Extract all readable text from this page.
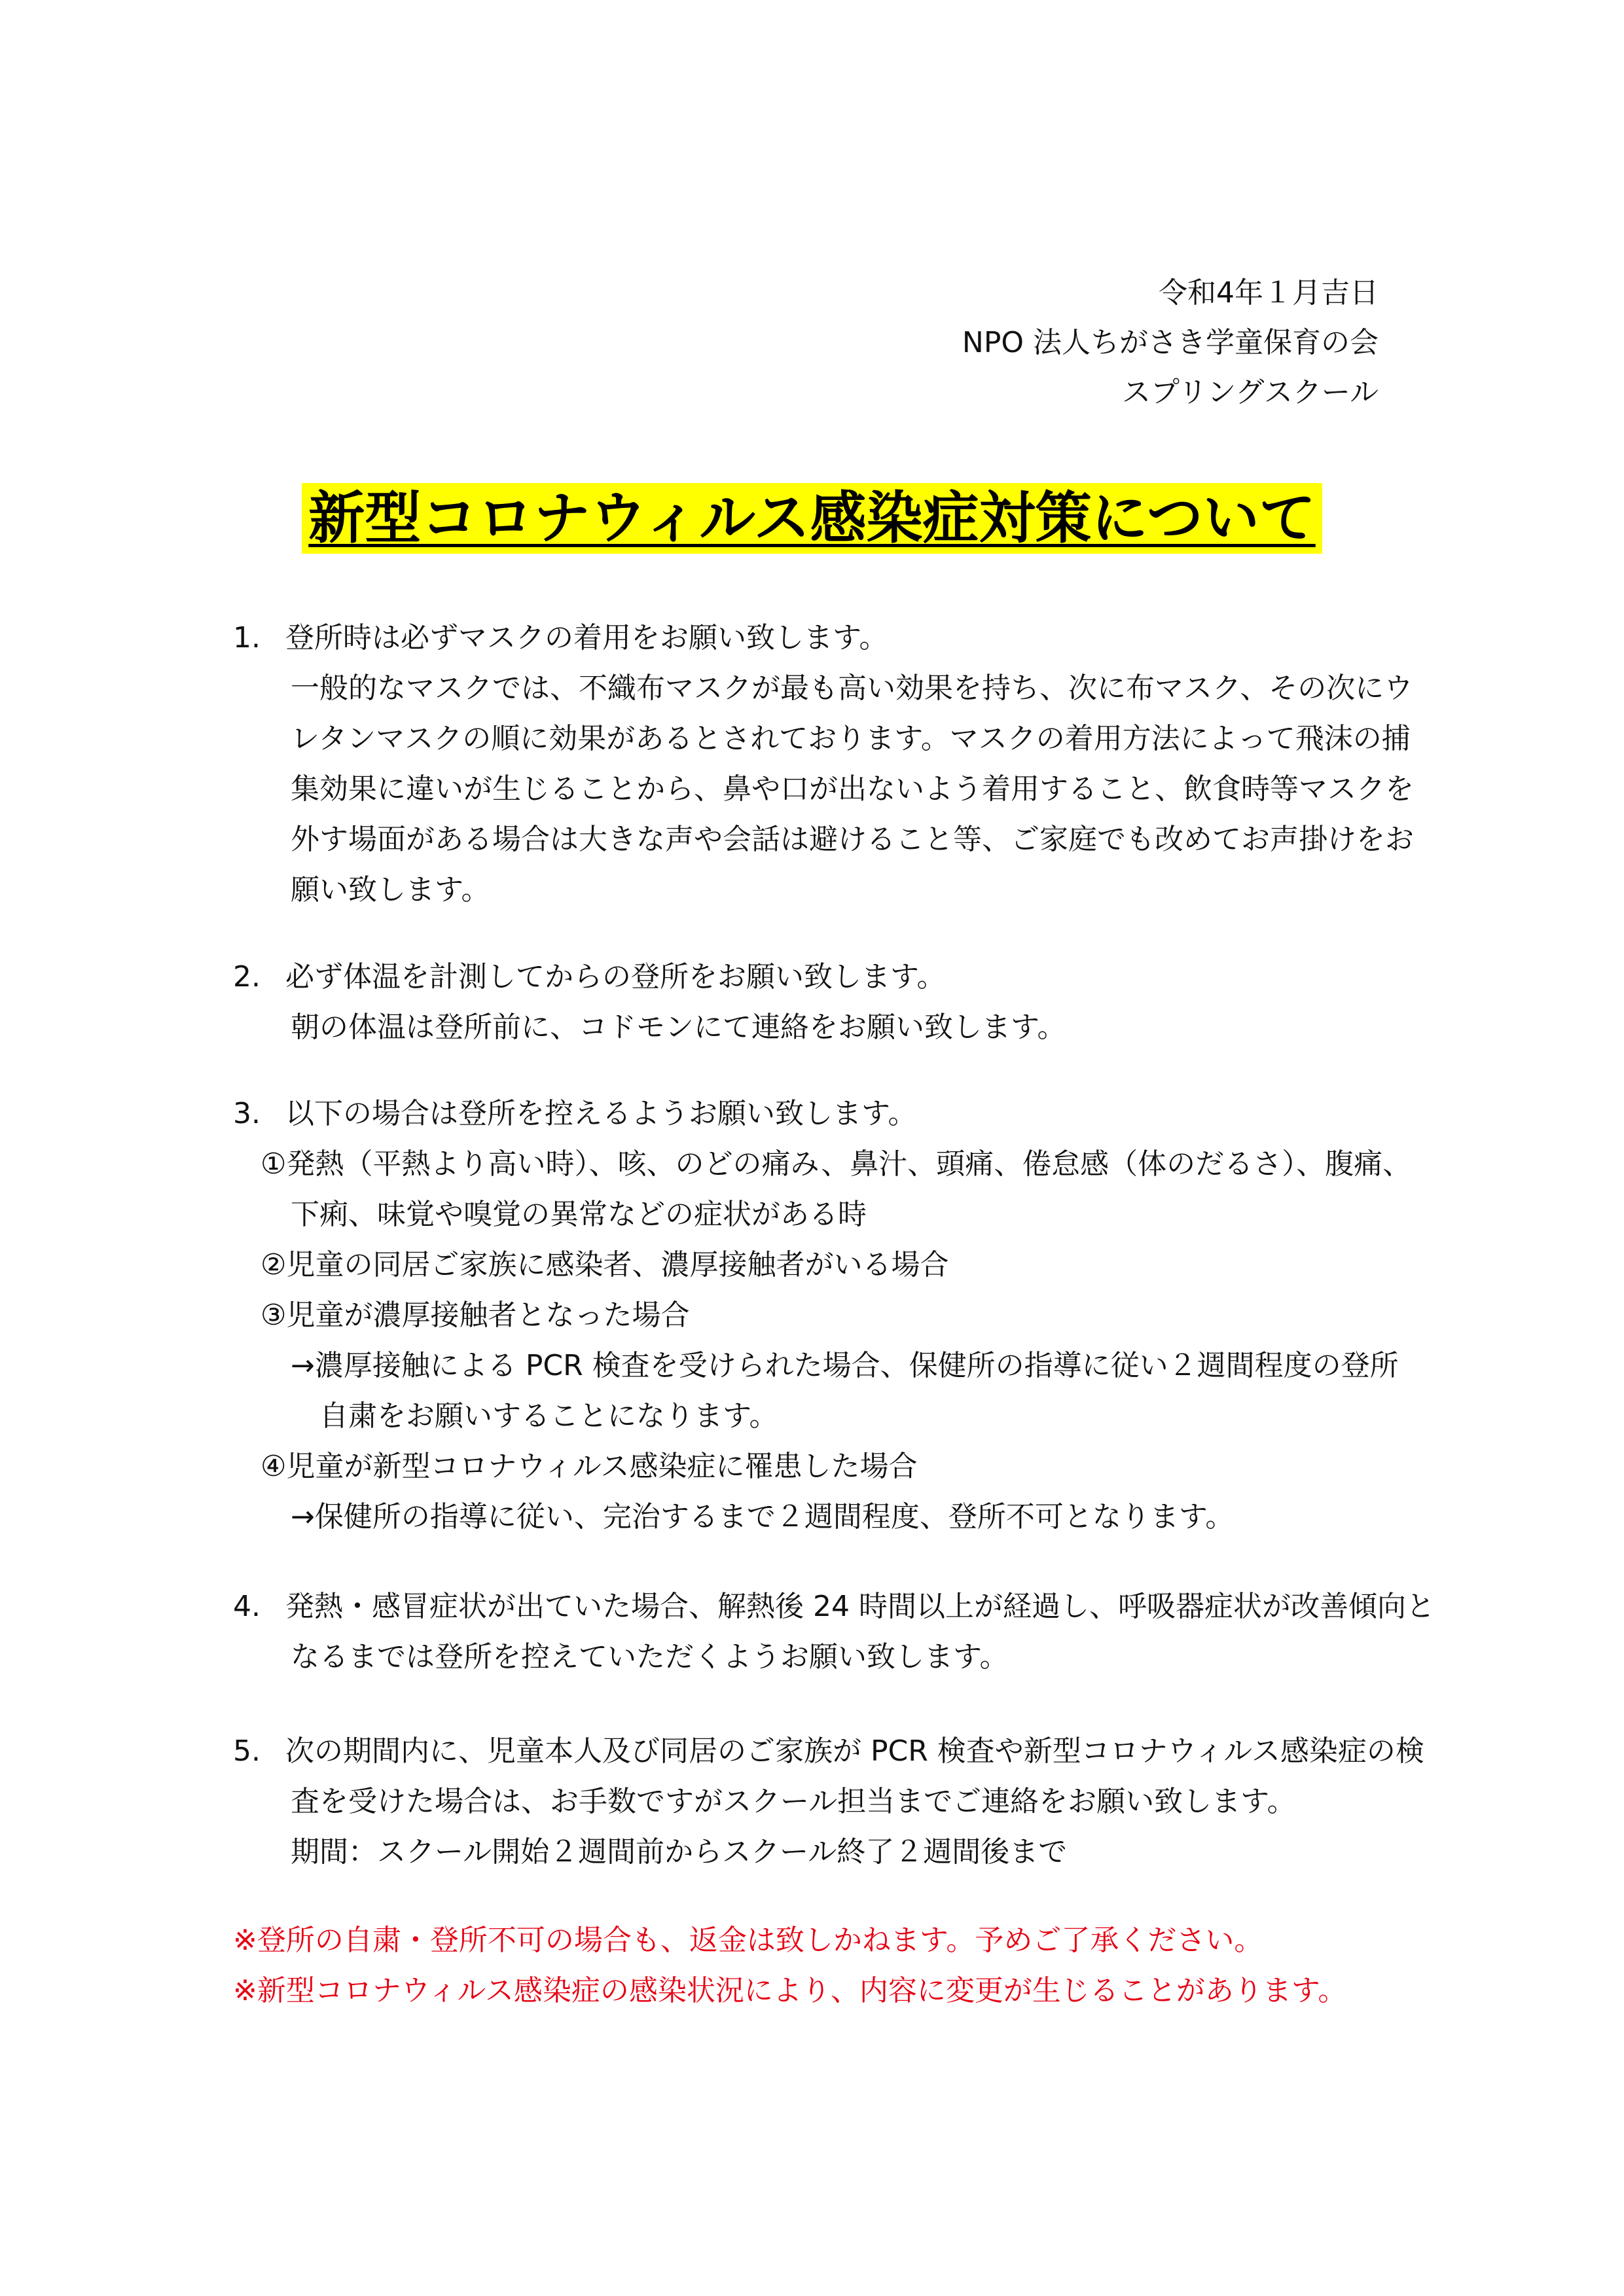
令和4年１月吉日
NPO 法人ちがさき学童保育の会
スプリングスクール
新型コロナウィルス感染症対策について
1. 登所時は必ずマスクの着用をお願い致します。
一般的なマスクでは、不織布マスクが最も高い効果を持ち、次に布マスク、その次にウ
レタンマスクの順に効果があるとされております。マスクの着用方法によって飛沫の捕
集効果に違いが生じることから、鼻や口が出ないよう着用すること、飲食時等マスクを
外す場面がある場合は大きな声や会話は避けること等、ご家庭でも改めてお声掛けをお
願い致します。
2. 必ず体温を計測してからの登所をお願い致します。
朝の体温は登所前に、コドモンにて連絡をお願い致します。
3. 以下の場合は登所を控えるようお願い致します。
①発熱（平熱より高い時）、咳、のどの痛み、鼻汁、頭痛、倦怠感（体のだるさ）、腹痛、
下痢、味覚や嗅覚の異常などの症状がある時
②児童の同居ご家族に感染者、濃厚接触者がいる場合
③児童が濃厚接触者となった場合
→濃厚接触による PCR 検査を受けられた場合、保健所の指導に従い２週間程度の登所
自粛をお願いすることになります。
④児童が新型コロナウィルス感染症に罹患した場合
→保健所の指導に従い、完治するまで２週間程度、登所不可となります。
4. 発熱・感冒症状が出ていた場合、解熱後 24 時間以上が経過し、呼吸器症状が改善傾向と
なるまでは登所を控えていただくようお願い致します。
5. 次の期間内に、児童本人及び同居のご家族が PCR 検査や新型コロナウィルス感染症の検
査を受けた場合は、お手数ですがスクール担当までご連絡をお願い致します。
期間：スクール開始２週間前からスクール終了２週間後まで
※登所の自粛・登所不可の場合も、返金は致しかねます。予めご了承ください。
※新型コロナウィルス感染症の感染状況により、内容に変更が生じることがあります。
